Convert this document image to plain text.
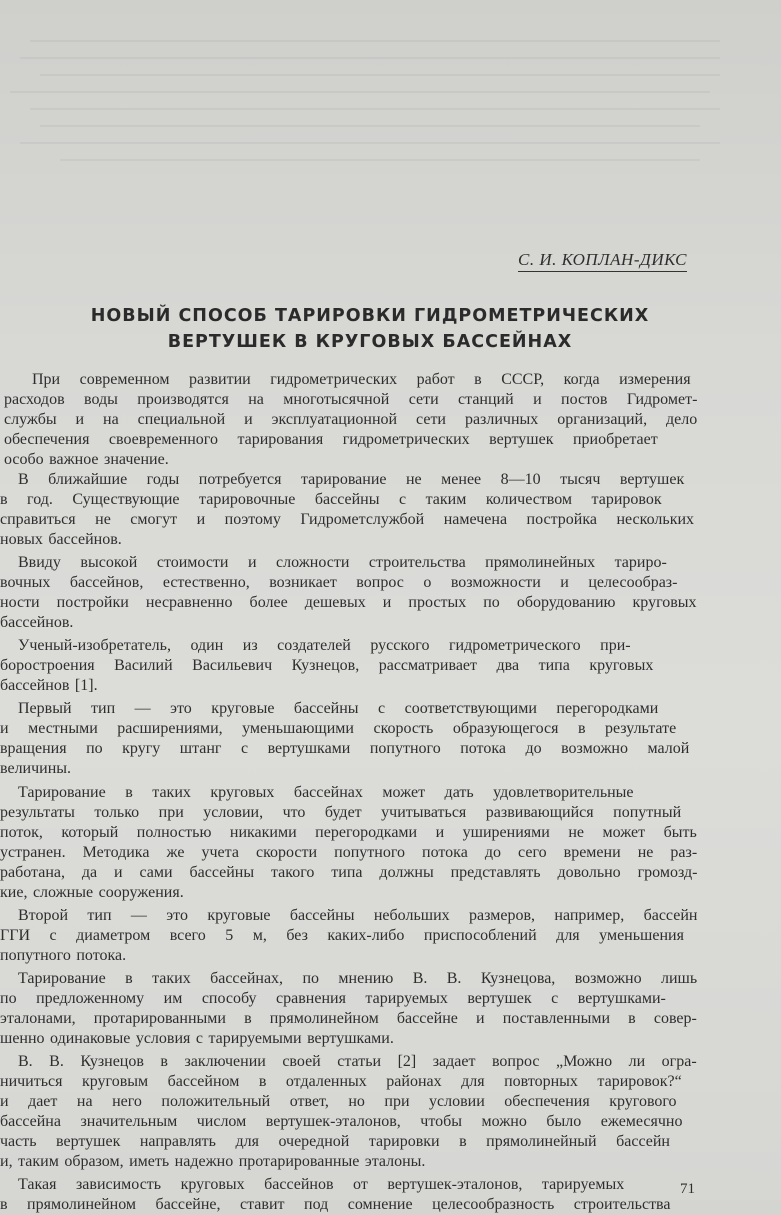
С. И. КОПЛАН-ДИКС
НОВЫЙ СПОСОБ ТАРИРОВКИ ГИДРОМЕТРИЧЕСКИХ
ВЕРТУШЕК В КРУГОВЫХ БАССЕЙНАХ
При современном развитии гидрометрических работ в СССР, когда измерения
расходов воды производятся на многотысячной сети станций и постов Гидромет-
службы и на специальной и эксплуатационной сети различных организаций, дело
обеспечения своевременного тарирования гидрометрических вертушек приобретает
особо важное значение.
В ближайшие годы потребуется тарирование не менее 8—10 тысяч вертушек
в год. Существующие тарировочные бассейны с таким количеством тарировок
справиться не смогут и поэтому Гидрометслужбой намечена постройка нескольких
новых бассейнов.
Ввиду высокой стоимости и сложности строительства прямолинейных тариро-
вочных бассейнов, естественно, возникает вопрос о возможности и целесообраз-
ности постройки несравненно более дешевых и простых по оборудованию круговых
бассейнов.
Ученый-изобретатель, один из создателей русского гидрометрического при-
боростроения Василий Васильевич Кузнецов, рассматривает два типа круговых
бассейнов [1].
Первый тип — это круговые бассейны с соответствующими перегородками
и местными расширениями, уменьшающими скорость образующегося в результате
вращения по кругу штанг с вертушками попутного потока до возможно малой
величины.
Тарирование в таких круговых бассейнах может дать удовлетворительные
результаты только при условии, что будет учитываться развивающийся попутный
поток, который полностью никакими перегородками и уширениями не может быть
устранен. Методика же учета скорости попутного потока до сего времени не раз-
работана, да и сами бассейны такого типа должны представлять довольно громозд-
кие, сложные сооружения.
Второй тип — это круговые бассейны небольших размеров, например, бассейн
ГГИ с диаметром всего 5 м, без каких-либо приспособлений для уменьшения
попутного потока.
Тарирование в таких бассейнах, по мнению В. В. Кузнецова, возможно лишь
по предложенному им способу сравнения тарируемых вертушек с вертушками-
эталонами, протарированными в прямолинейном бассейне и поставленными в совер-
шенно одинаковые условия с тарируемыми вертушками.
В. В. Кузнецов в заключении своей статьи [2] задает вопрос „Можно ли огра-
ничиться круговым бассейном в отдаленных районах для повторных тарировок?“
и дает на него положительный ответ, но при условии обеспечения кругового
бассейна значительным числом вертушек-эталонов, чтобы можно было ежемесячно
часть вертушек направлять для очередной тарировки в прямолинейный бассейн
и, таким образом, иметь надежно протарированные эталоны.
Такая зависимость круговых бассейнов от вертушек-эталонов, тарируемых
в прямолинейном бассейне, ставит под сомнение целесообразность строительства
71
